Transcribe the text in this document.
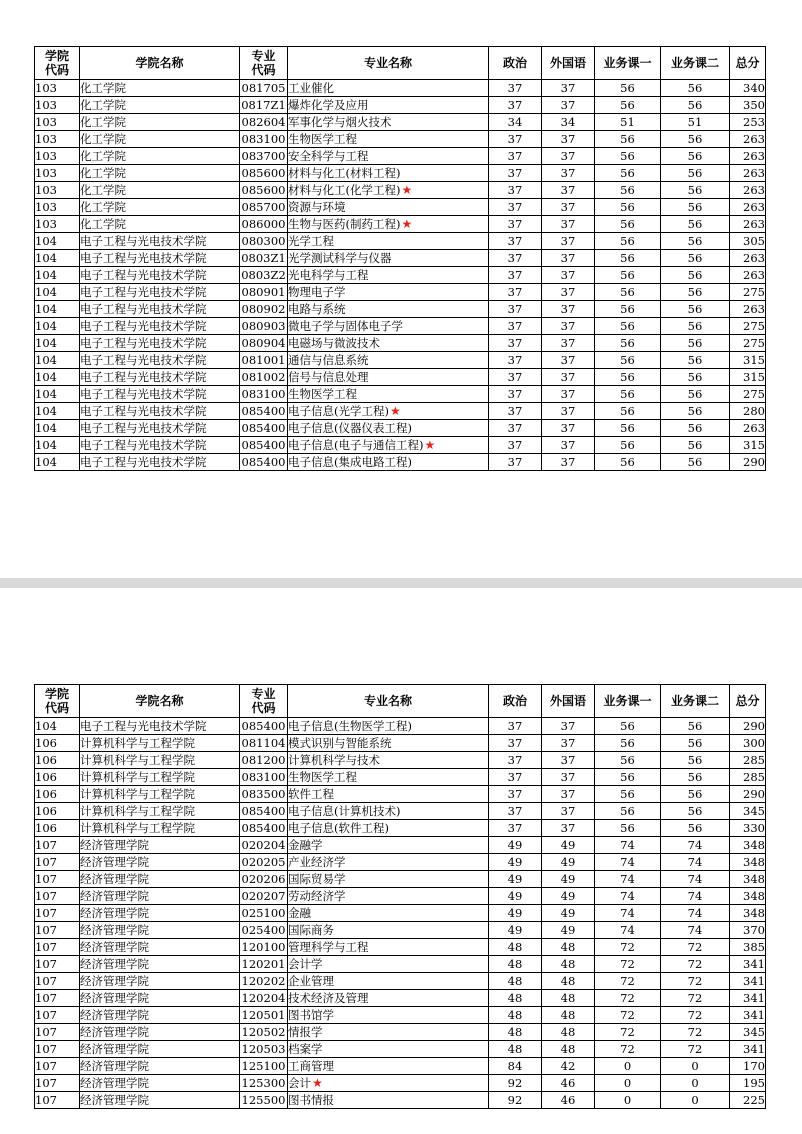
学院代码	学院名称	专业代码	专业名称	政治	外国语	业务课一	业务课二	总分
103	化工学院	081705	工业催化	37	37	56	56	340
103	化工学院	0817Z1	爆炸化学及应用	37	37	56	56	350
103	化工学院	082604	军事化学与烟火技术	34	34	51	51	253
103	化工学院	083100	生物医学工程	37	37	56	56	263
103	化工学院	083700	安全科学与工程	37	37	56	56	263
103	化工学院	085600	材料与化工(材料工程)	37	37	56	56	263
103	化工学院	085600	材料与化工(化学工程)★	37	37	56	56	263
103	化工学院	085700	资源与环境	37	37	56	56	263
103	化工学院	086000	生物与医药(制药工程)★	37	37	56	56	263
104	电子工程与光电技术学院	080300	光学工程	37	37	56	56	305
104	电子工程与光电技术学院	0803Z1	光学测试科学与仪器	37	37	56	56	263
104	电子工程与光电技术学院	0803Z2	光电科学与工程	37	37	56	56	263
104	电子工程与光电技术学院	080901	物理电子学	37	37	56	56	275
104	电子工程与光电技术学院	080902	电路与系统	37	37	56	56	263
104	电子工程与光电技术学院	080903	微电子学与固体电子学	37	37	56	56	275
104	电子工程与光电技术学院	080904	电磁场与微波技术	37	37	56	56	275
104	电子工程与光电技术学院	081001	通信与信息系统	37	37	56	56	315
104	电子工程与光电技术学院	081002	信号与信息处理	37	37	56	56	315
104	电子工程与光电技术学院	083100	生物医学工程	37	37	56	56	275
104	电子工程与光电技术学院	085400	电子信息(光学工程)★	37	37	56	56	280
104	电子工程与光电技术学院	085400	电子信息(仪器仪表工程)	37	37	56	56	263
104	电子工程与光电技术学院	085400	电子信息(电子与通信工程)★	37	37	56	56	315
104	电子工程与光电技术学院	085400	电子信息(集成电路工程)	37	37	56	56	290
学院代码	学院名称	专业代码	专业名称	政治	外国语	业务课一	业务课二	总分
104	电子工程与光电技术学院	085400	电子信息(生物医学工程)	37	37	56	56	290
106	计算机科学与工程学院	081104	模式识别与智能系统	37	37	56	56	300
106	计算机科学与工程学院	081200	计算机科学与技术	37	37	56	56	285
106	计算机科学与工程学院	083100	生物医学工程	37	37	56	56	285
106	计算机科学与工程学院	083500	软件工程	37	37	56	56	290
106	计算机科学与工程学院	085400	电子信息(计算机技术)	37	37	56	56	345
106	计算机科学与工程学院	085400	电子信息(软件工程)	37	37	56	56	330
107	经济管理学院	020204	金融学	49	49	74	74	348
107	经济管理学院	020205	产业经济学	49	49	74	74	348
107	经济管理学院	020206	国际贸易学	49	49	74	74	348
107	经济管理学院	020207	劳动经济学	49	49	74	74	348
107	经济管理学院	025100	金融	49	49	74	74	348
107	经济管理学院	025400	国际商务	49	49	74	74	370
107	经济管理学院	120100	管理科学与工程	48	48	72	72	385
107	经济管理学院	120201	会计学	48	48	72	72	341
107	经济管理学院	120202	企业管理	48	48	72	72	341
107	经济管理学院	120204	技术经济及管理	48	48	72	72	341
107	经济管理学院	120501	图书馆学	48	48	72	72	341
107	经济管理学院	120502	情报学	48	48	72	72	345
107	经济管理学院	120503	档案学	48	48	72	72	341
107	经济管理学院	125100	工商管理	84	42	0	0	170
107	经济管理学院	125300	会计★	92	46	0	0	195
107	经济管理学院	125500	图书情报	92	46	0	0	225
